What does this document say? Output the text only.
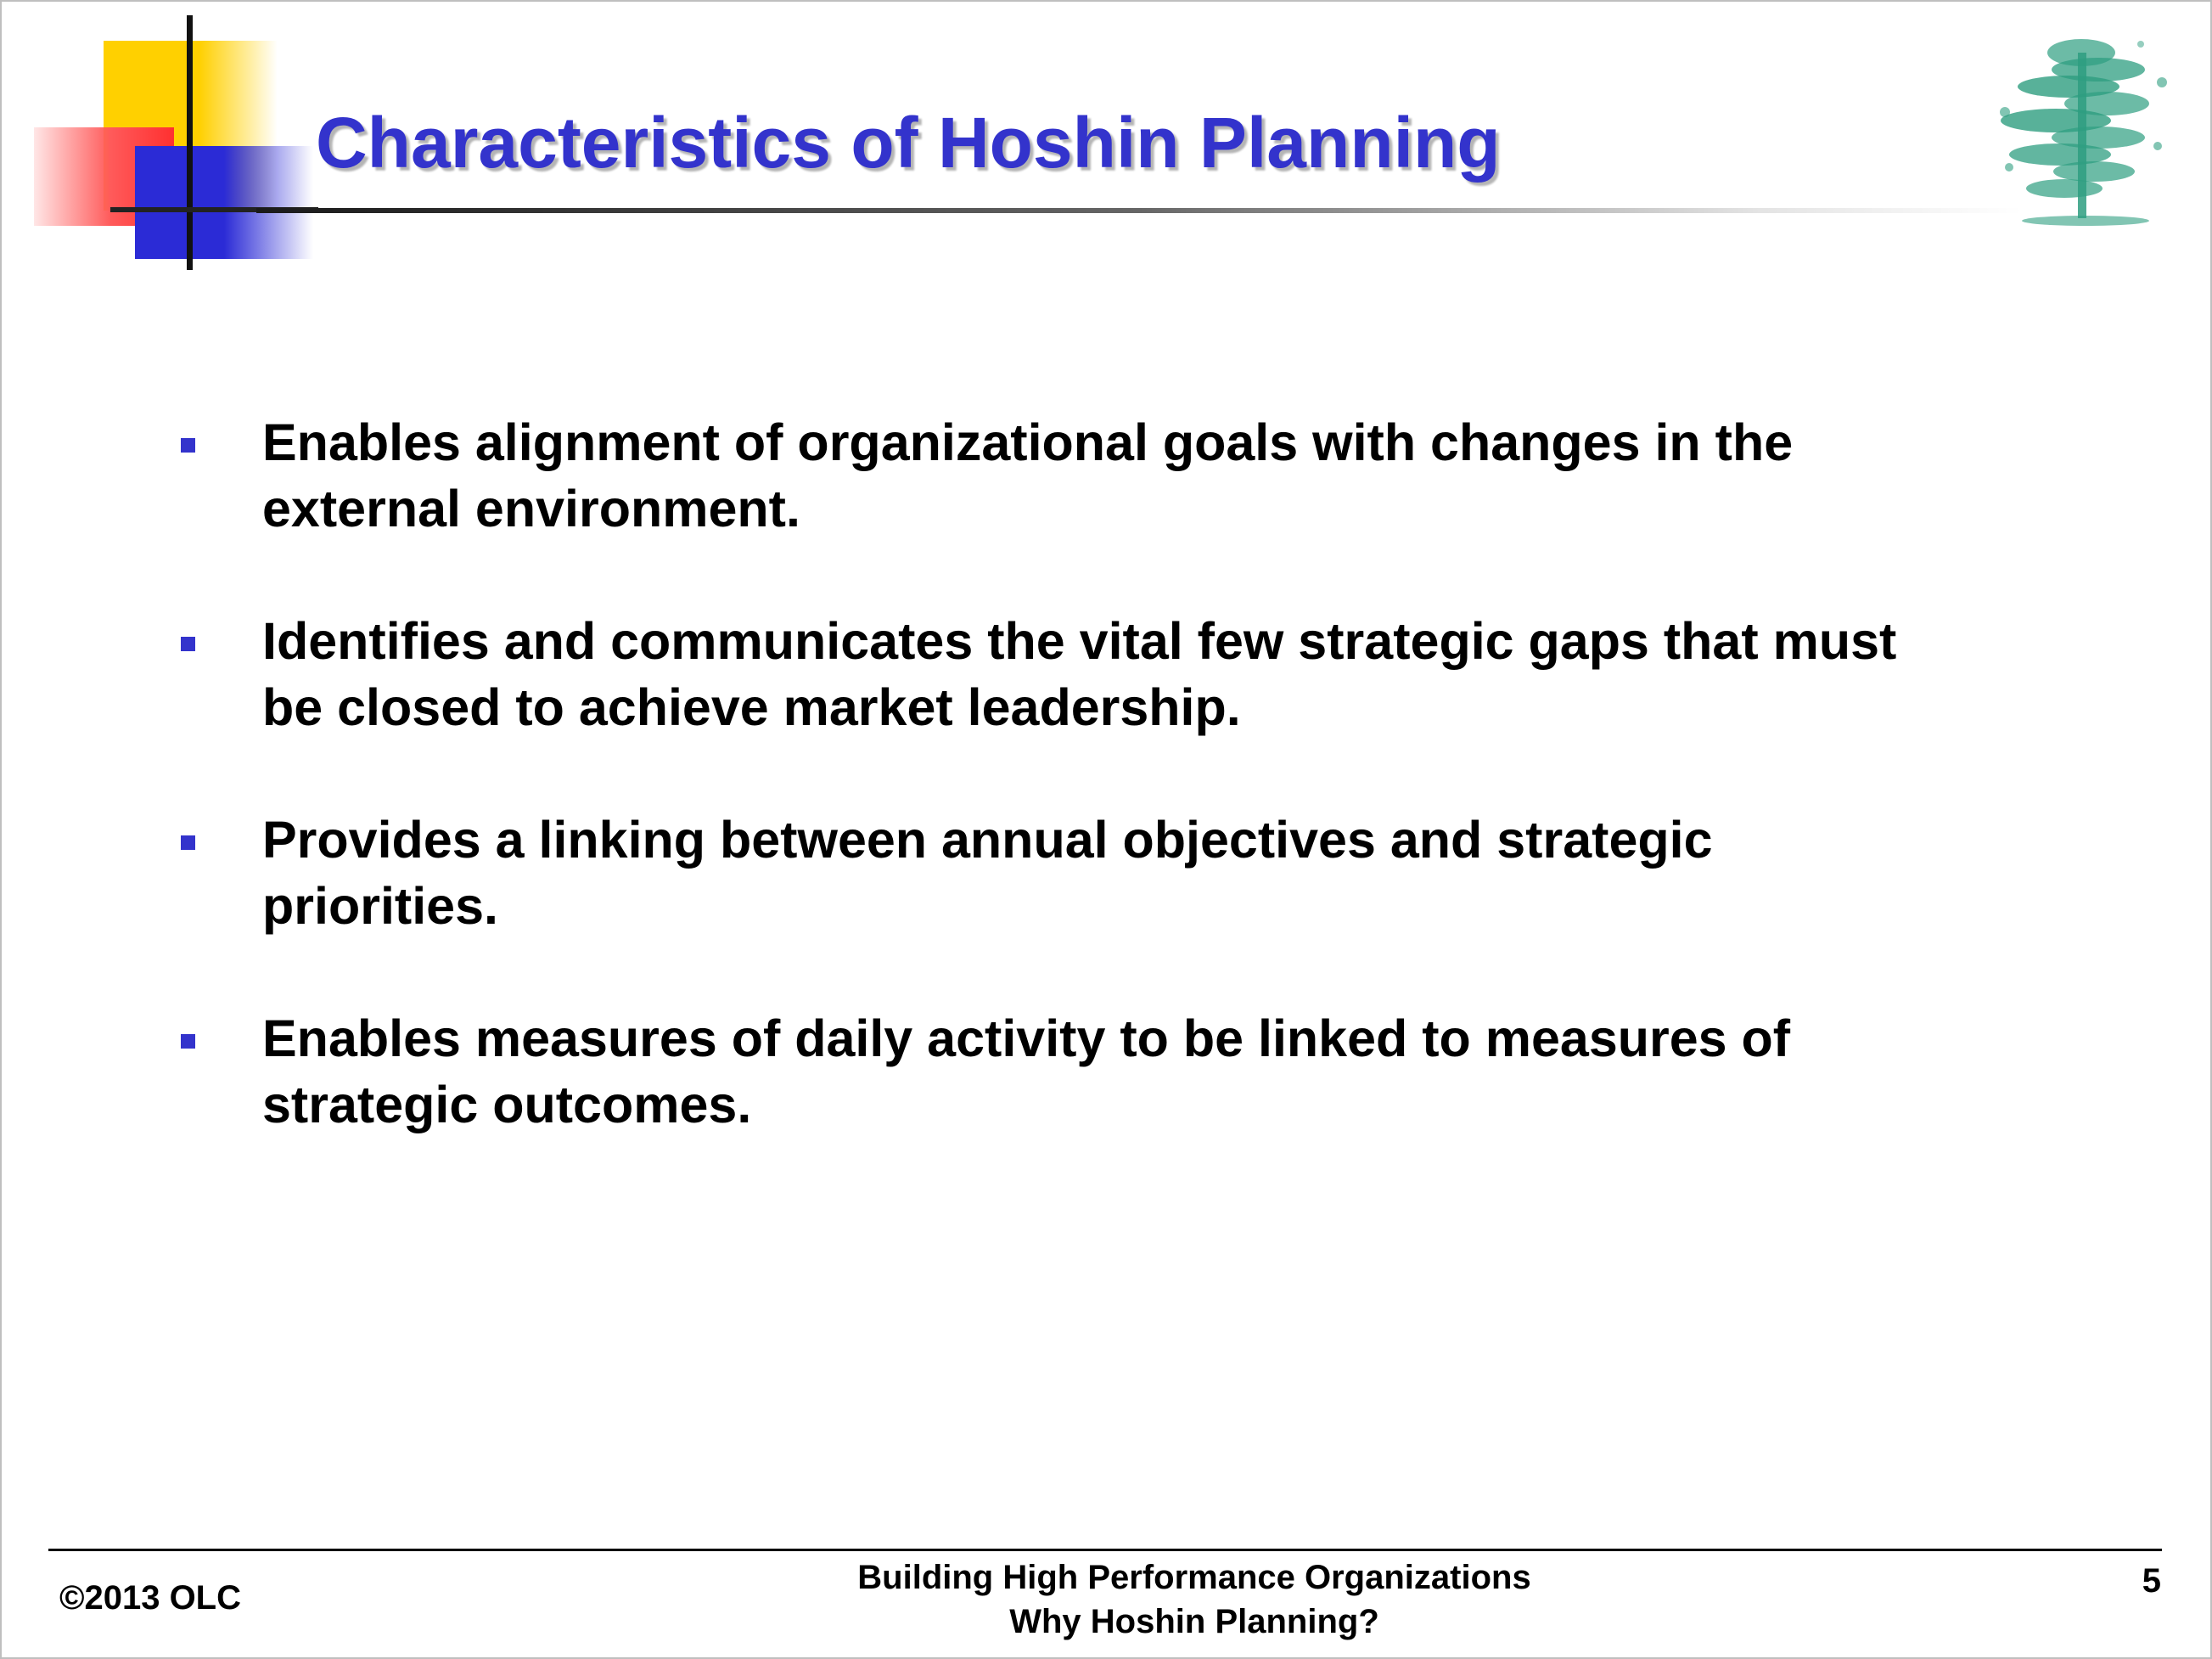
Characteristics of Hoshin Planning
Enables alignment of organizational goals with changes in the
external environment.
Identifies and communicates the vital few strategic gaps that must
be closed to achieve market leadership.
Provides a linking between annual objectives and strategic
priorities.
Enables measures of daily activity to be linked to measures of
strategic outcomes.
©2013 OLC
Building High Performance Organizations
Why Hoshin Planning?
5
